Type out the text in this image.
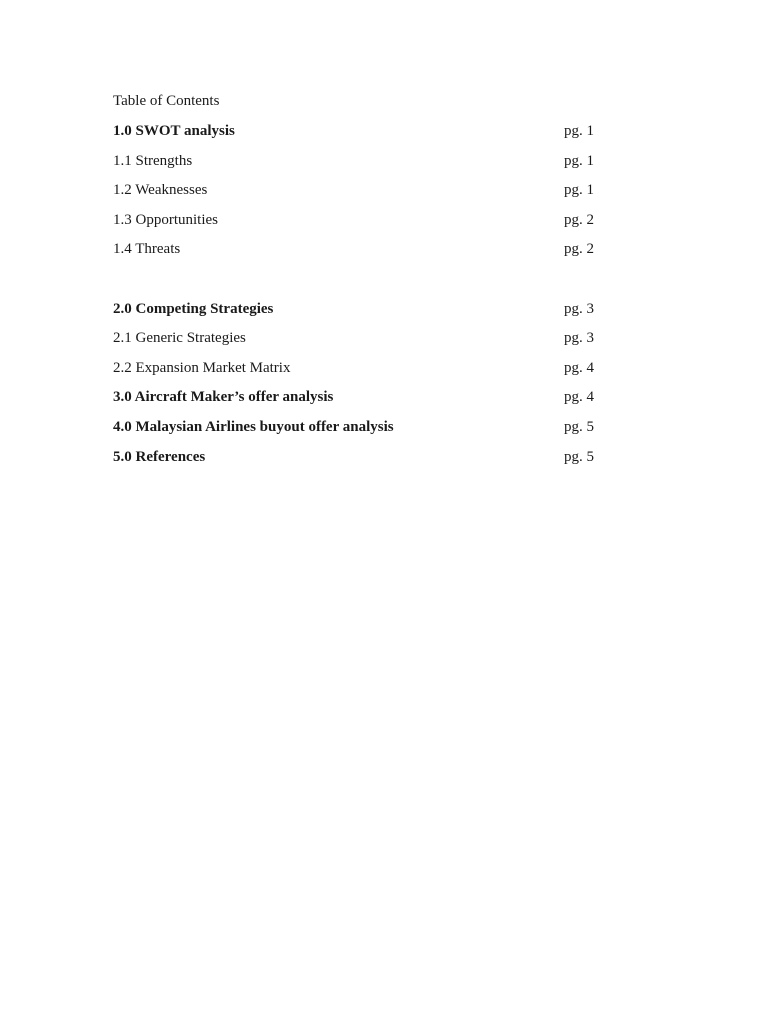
Table of Contents
1.0 SWOT analysis	pg. 1
1.1 Strengths	pg. 1
1.2 Weaknesses	pg. 1
1.3 Opportunities	pg. 2
1.4 Threats	pg. 2
2.0 Competing Strategies	pg. 3
2.1 Generic Strategies	pg. 3
2.2 Expansion Market Matrix	pg. 4
3.0 Aircraft Maker’s offer analysis	pg. 4
4.0 Malaysian Airlines buyout offer analysis	pg. 5
5.0 References	pg. 5
